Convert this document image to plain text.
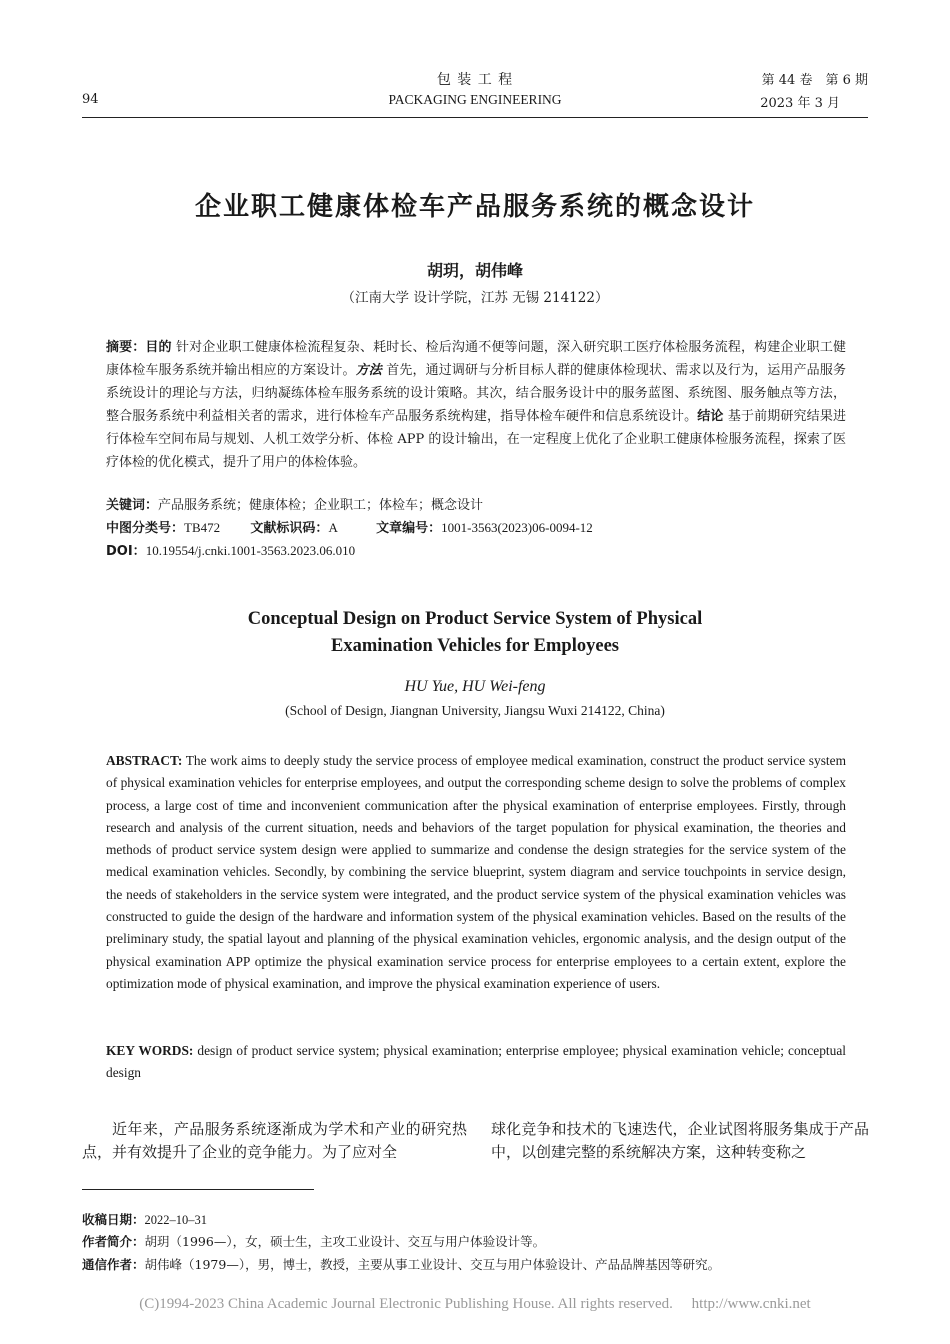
包 装 工 程	第 44 卷　第 6 期
94	PACKAGING ENGINEERING	2023 年 3 月
企业职工健康体检车产品服务系统的概念设计
胡玥，胡伟峰
（江南大学 设计学院，江苏 无锡 214122）
摘要：目的 针对企业职工健康体检流程复杂、耗时长、检后沟通不便等问题，深入研究职工医疗体检服务流程，构建企业职工健康体检车服务系统并输出相应的方案设计。方法 首先，通过调研与分析目标人群的健康体检现状、需求以及行为，运用产品服务系统设计的理论与方法，归纳凝练体检车服务系统的设计策略。其次，结合服务设计中的服务蓝图、系统图、服务触点等方法，整合服务系统中利益相关者的需求，进行体检车产品服务系统构建，指导体检车硬件和信息系统设计。结论 基于前期研究结果进行体检车空间布局与规划、人机工效学分析、体检 APP 的设计输出，在一定程度上优化了企业职工健康体检服务流程，探索了医疗体检的优化模式，提升了用户的体检体验。
关键词：产品服务系统；健康体检；企业职工；体检车；概念设计
中图分类号：TB472 文献标识码：A	文章编号：1001-3563(2023)06-0094-12
DOI：10.19554/j.cnki.1001-3563.2023.06.010
Conceptual Design on Product Service System of Physical
Examination Vehicles for Employees
HU Yue, HU Wei-feng
(School of Design, Jiangnan University, Jiangsu Wuxi 214122, China)
ABSTRACT: The work aims to deeply study the service process of employee medical examination, construct the product service system of physical examination vehicles for enterprise employees, and output the corresponding scheme design to solve the problems of complex process, a large cost of time and inconvenient communication after the physical examination of enterprise employees. Firstly, through research and analysis of the current situation, needs and behaviors of the target population for physical examination, the theories and methods of product service system design were applied to summarize and condense the design strategies for the service system of the medical examination vehicles. Secondly, by combining the service blueprint, system diagram and service touchpoints in service design, the needs of stakeholders in the service system were integrated, and the product service system of the physical examination vehicles was constructed to guide the design of the hardware and information system of the physical examination vehicles. Based on the results of the preliminary study, the spatial layout and planning of the physical examination vehicles, ergonomic analysis, and the design output of the physical examination APP optimize the physical examination service process for enterprise employees to a certain extent, explore the optimization mode of physical examination, and improve the physical examination experience of users.
KEY WORDS: design of product service system; physical examination; enterprise employee; physical examination vehicle; conceptual design
近年来，产品服务系统逐渐成为学术和产业的研究热点，并有效提升了企业的竞争能力。为了应对全
球化竞争和技术的飞速迭代，企业试图将服务集成于产品中，以创建完整的系统解决方案，这种转变称之
收稿日期：2022–10–31
作者简介：胡玥（1996—），女，硕士生，主攻工业设计、交互与用户体验设计等。
通信作者：胡伟峰（1979—），男，博士，教授，主要从事工业设计、交互与用户体验设计、产品品牌基因等研究。
(C)1994-2023 China Academic Journal Electronic Publishing House. All rights reserved.     http://www.cnki.net
